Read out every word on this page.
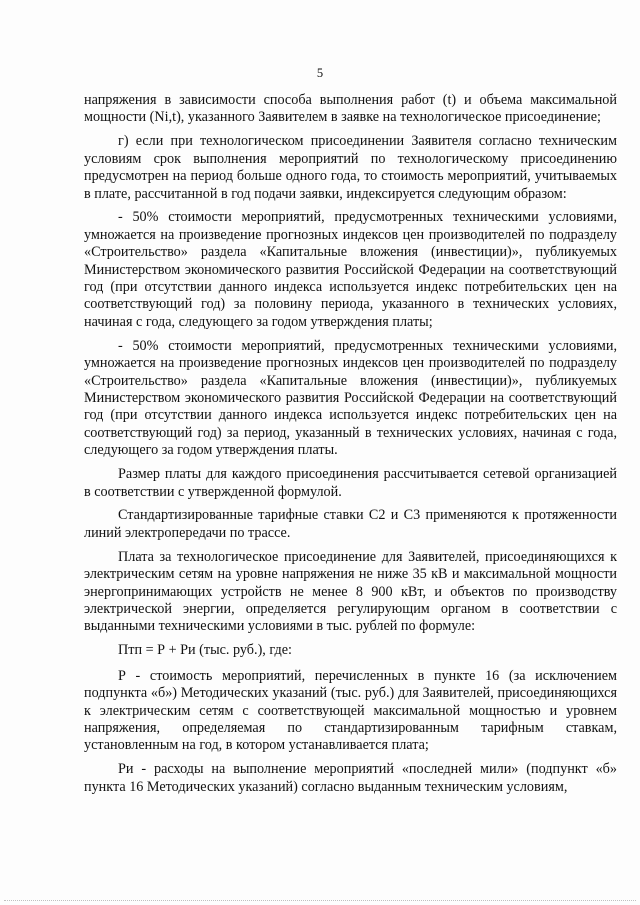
5

напряжения в зависимости способа выполнения работ (t) и объема максимальной мощности (Ni,t), указанного Заявителем в заявке на технологическое присоединение;

г) если при технологическом присоединении Заявителя согласно техническим условиям срок выполнения мероприятий по технологическому присоединению предусмотрен на период больше одного года, то стоимость мероприятий, учитываемых в плате, рассчитанной в год подачи заявки, индексируется следующим образом:

- 50% стоимости мероприятий, предусмотренных техническими условиями, умножается на произведение прогнозных индексов цен производителей по подразделу «Строительство» раздела «Капитальные вложения (инвестиции)», публикуемых Министерством экономического развития Российской Федерации на соответствующий год (при отсутствии данного индекса используется индекс потребительских цен на соответствующий год) за половину периода, указанного в технических условиях, начиная с года, следующего за годом утверждения платы;

- 50% стоимости мероприятий, предусмотренных техническими условиями, умножается на произведение прогнозных индексов цен производителей по подразделу «Строительство» раздела «Капитальные вложения (инвестиции)», публикуемых Министерством экономического развития Российской Федерации на соответствующий год (при отсутствии данного индекса используется индекс потребительских цен на соответствующий год) за период, указанный в технических условиях, начиная с года, следующего за годом утверждения платы.

Размер платы для каждого присоединения рассчитывается сетевой организацией в соответствии с утвержденной формулой.

Стандартизированные тарифные ставки С2 и С3 применяются к протяженности линий электропередачи по трассе.

Плата за технологическое присоединение для Заявителей, присоединяющихся к электрическим сетям на уровне напряжения не ниже 35 кВ и максимальной мощности энергопринимающих устройств не менее 8 900 кВт, и объектов по производству электрической энергии, определяется регулирующим органом в соответствии с выданными техническими условиями в тыс. рублей по формуле:

Птп = Р + Ри (тыс. руб.), где:

Р - стоимость мероприятий, перечисленных в пункте 16 (за исключением подпункта «б») Методических указаний (тыс. руб.) для Заявителей, присоединяющихся к электрическим сетям с соответствующей максимальной мощностью и уровнем напряжения, определяемая по стандартизированным тарифным ставкам, установленным на год, в котором устанавливается плата;

Ри - расходы на выполнение мероприятий «последней мили» (подпункт «б» пункта 16 Методических указаний) согласно выданным техническим условиям,
